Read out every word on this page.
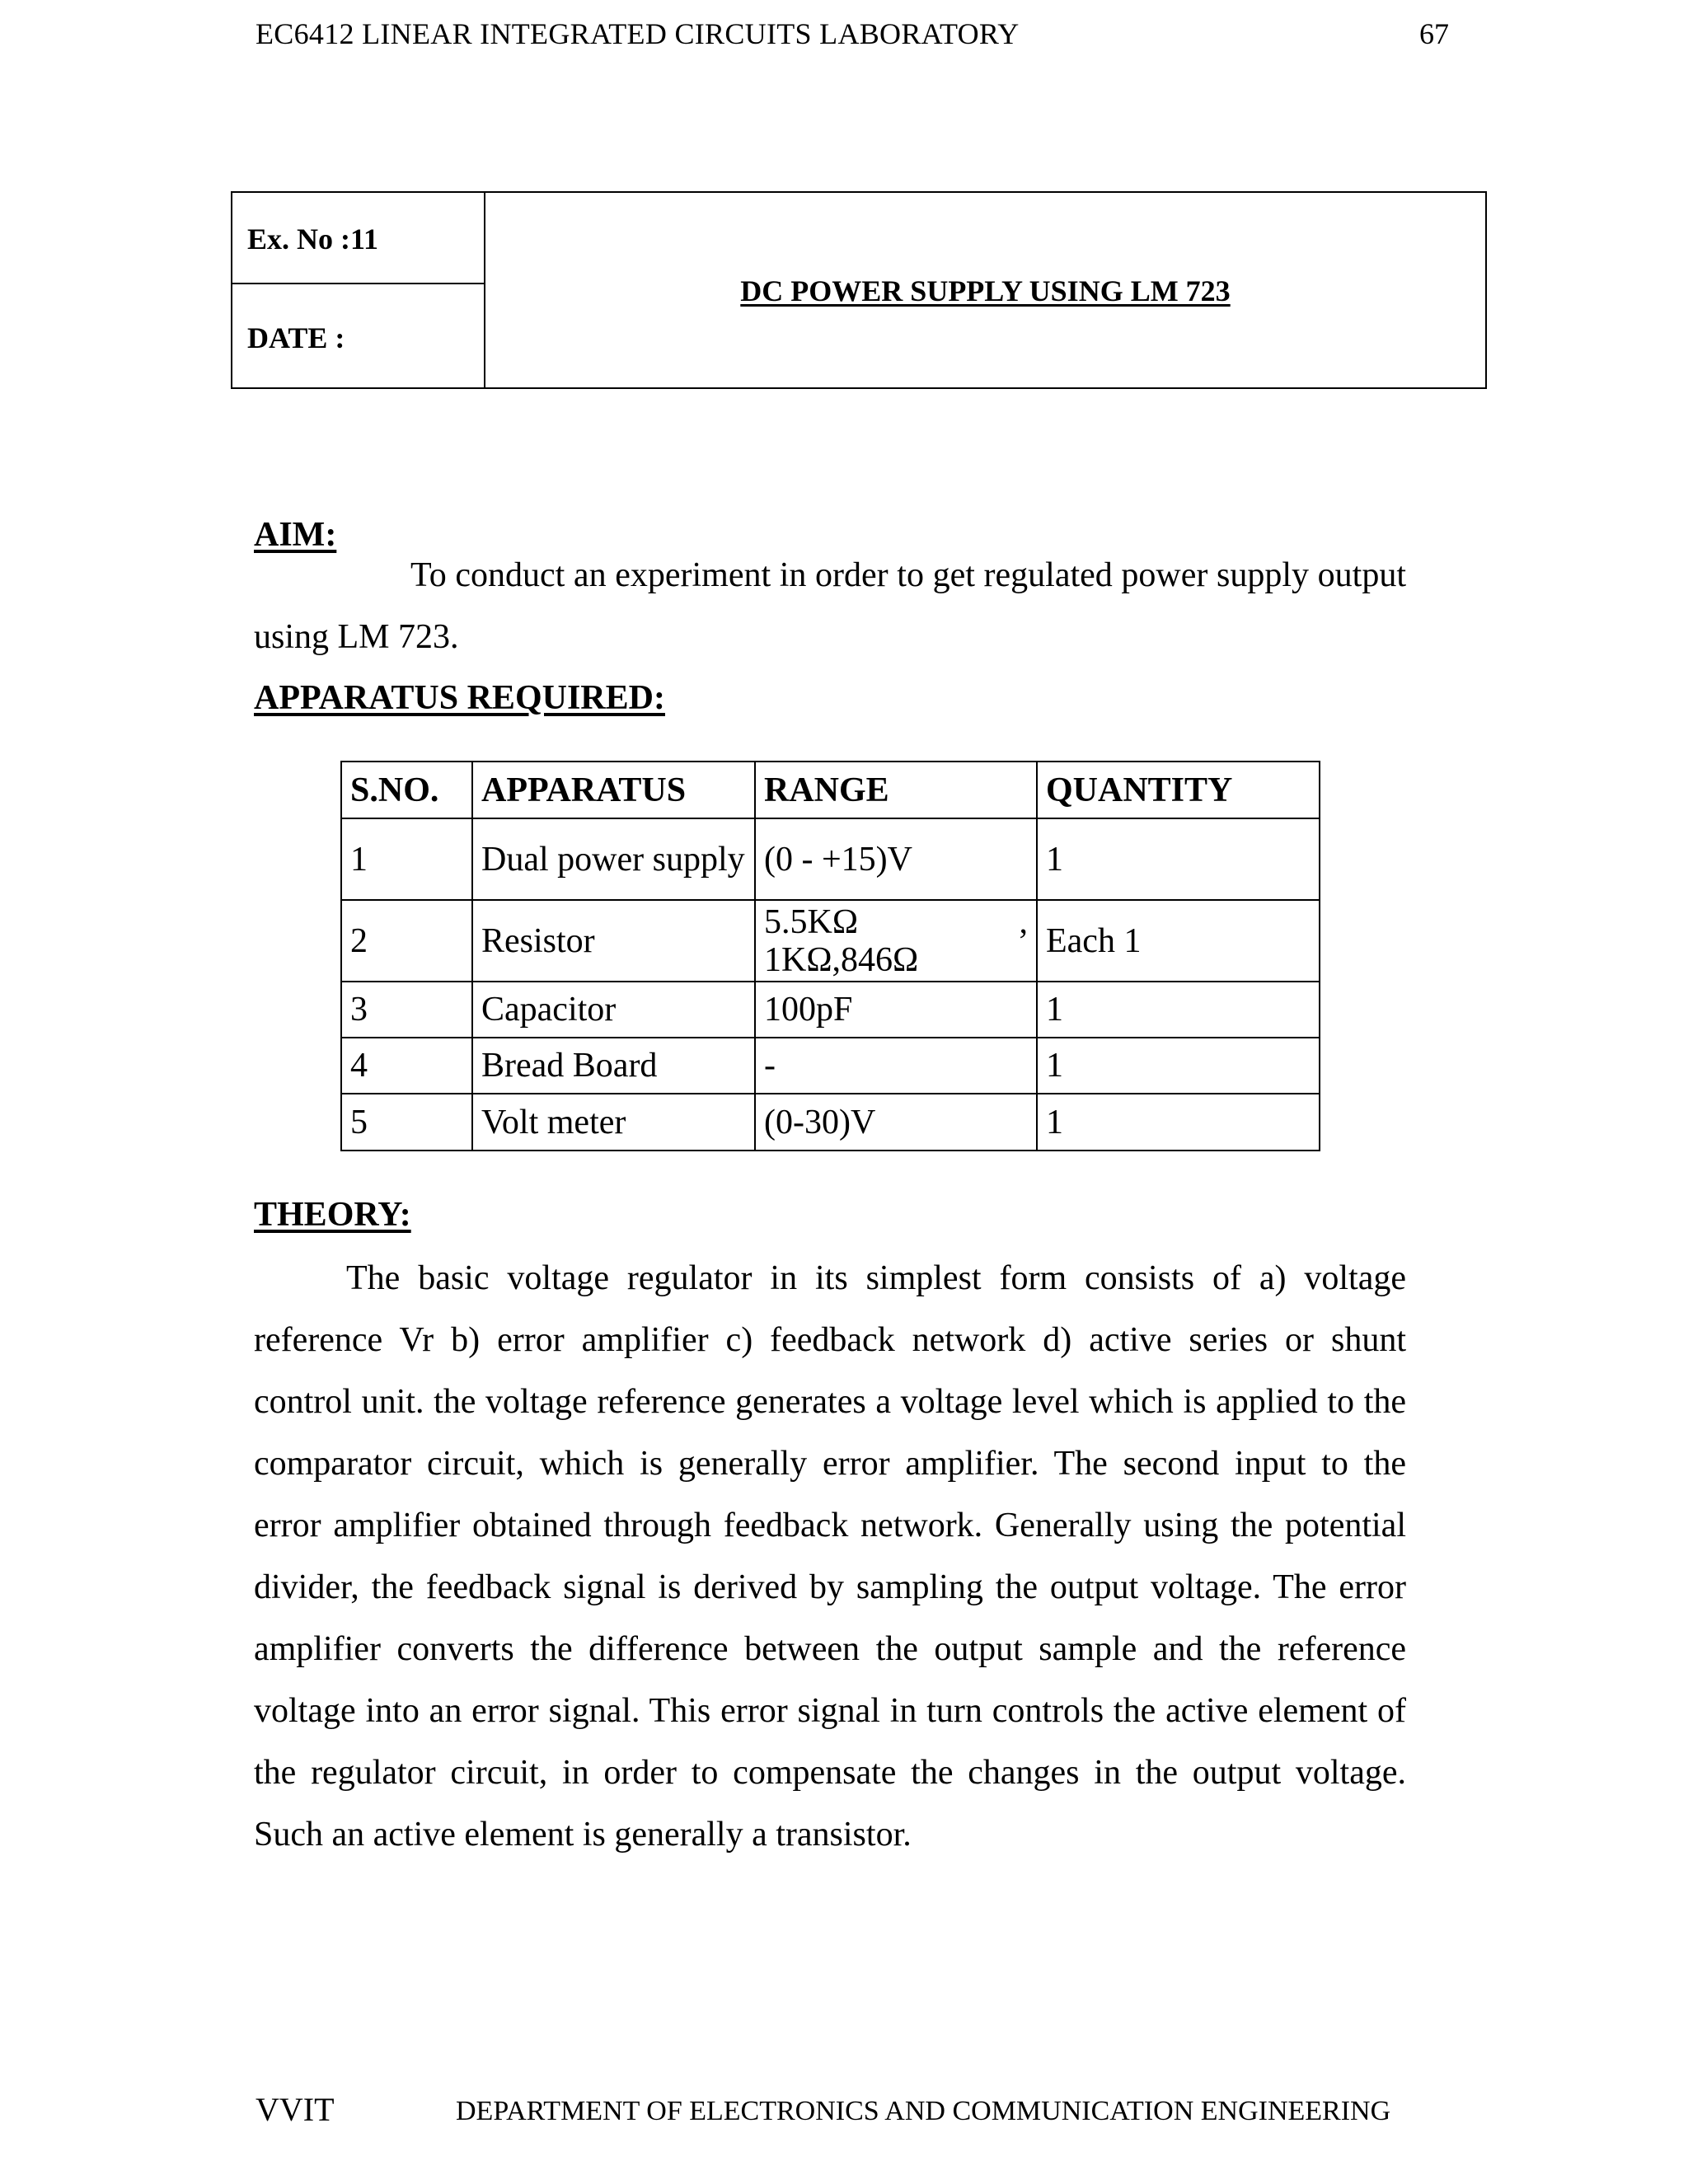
EC6412 LINEAR INTEGRATED CIRCUITS LABORATORY	67
Ex. No :11
DATE :
DC POWER SUPPLY USING LM 723
AIM:
To conduct an experiment in order to get regulated power supply output using LM 723.
APPARATUS REQUIRED:
S.NO.	APPARATUS	RANGE	QUANTITY
1	Dual power supply	(0 - +15)V	1
2	Resistor	5.5KΩ , 1KΩ,846Ω	Each 1
3	Capacitor	100pF	1
4	Bread Board	-	1
5	Volt meter	(0-30)V	1
THEORY:
The basic voltage regulator in its simplest form consists of a) voltage reference Vr b) error amplifier c) feedback network d) active series or shunt control unit. the voltage reference generates a voltage level which is applied to the comparator circuit, which is generally error amplifier. The second input to the error amplifier obtained through feedback network. Generally using the potential divider, the feedback signal is derived by sampling the output voltage. The error amplifier converts the difference between the output sample and the reference voltage into an error signal. This error signal in turn controls the active element of the regulator circuit, in order to compensate the changes in the output voltage. Such an active element is generally a transistor.
VVIT	DEPARTMENT OF ELECTRONICS AND COMMUNICATION ENGINEERING
